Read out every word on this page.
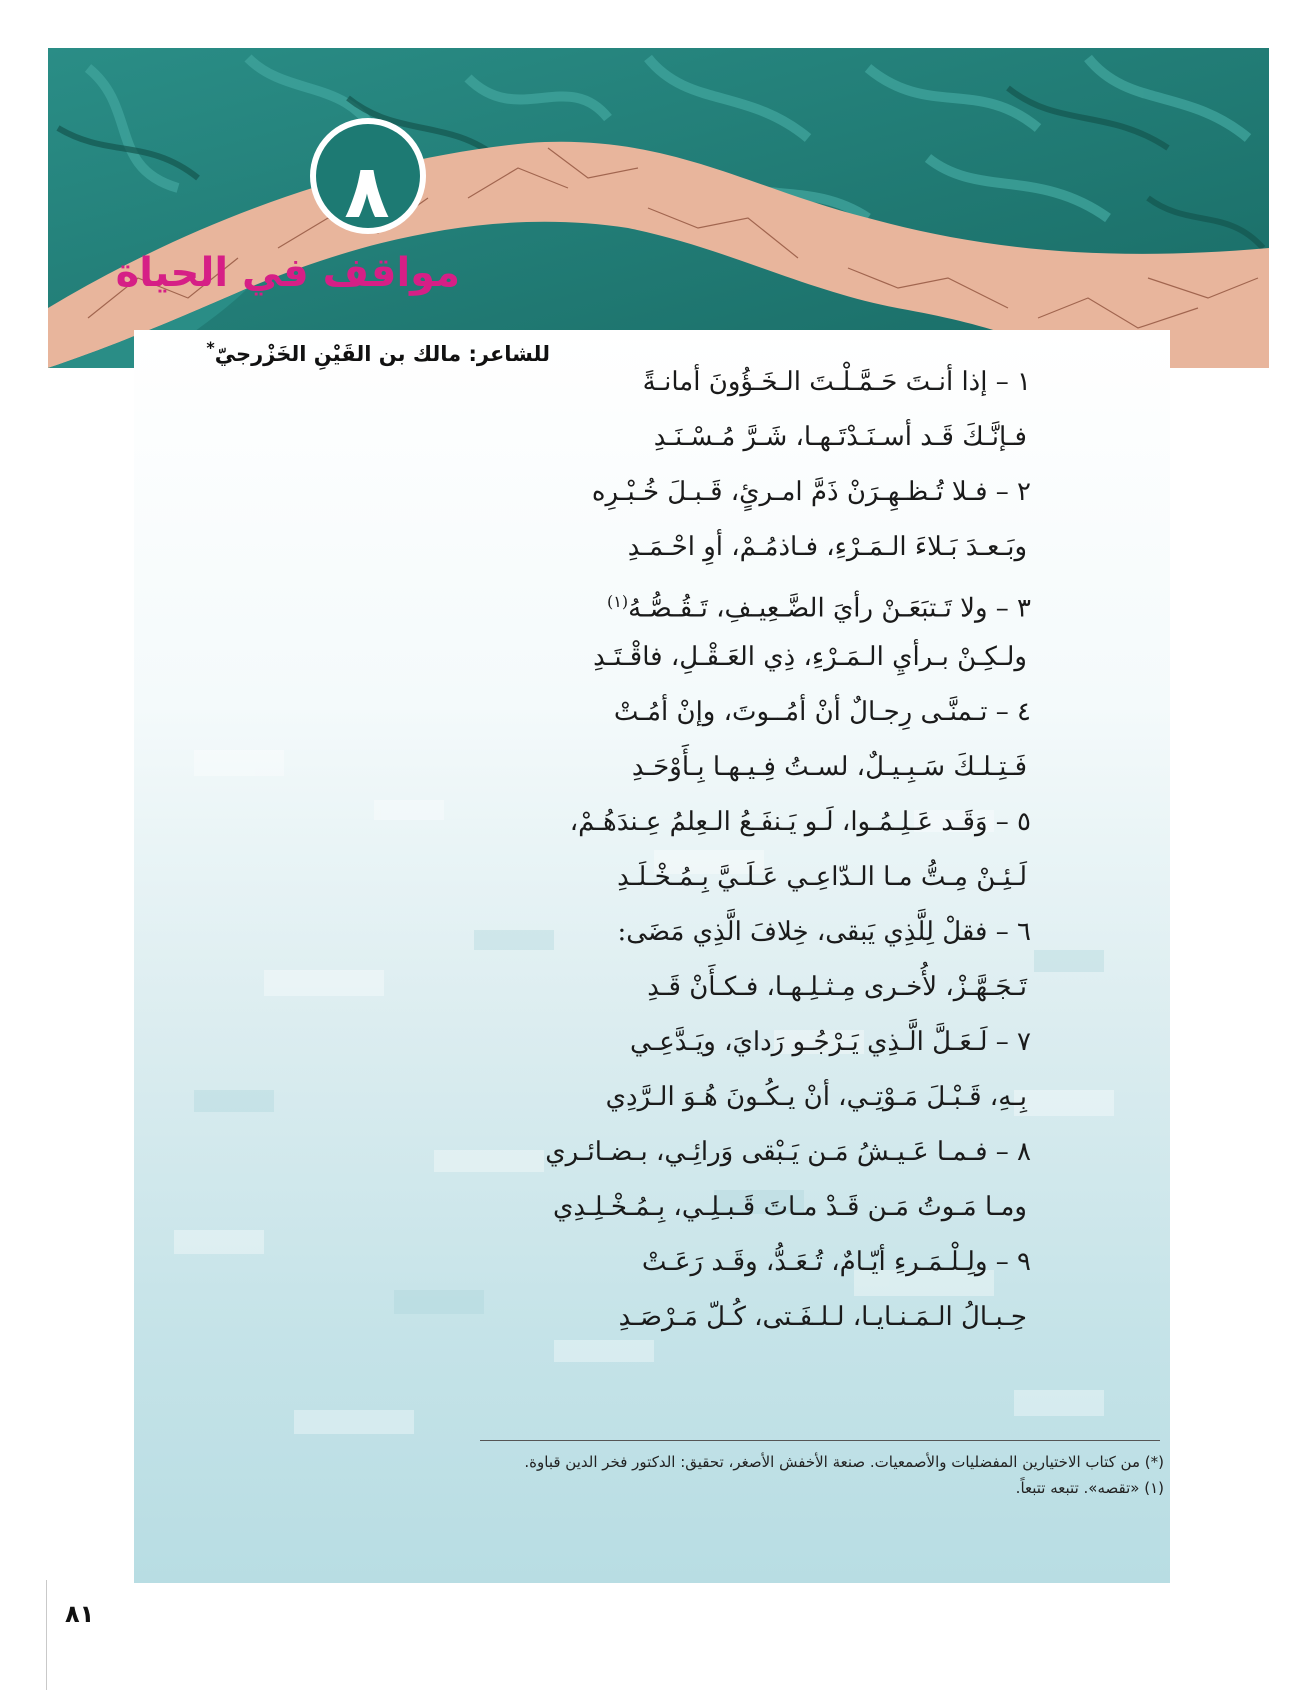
٨
مواقف في الحياة
للشاعر: مالك بن القَيْنِ الخَزْرجيّ*
١ – إذا أنـتَ حَـمَّـلْـتَ الـخَـؤُونَ أمانـةً
فـإنَّـكَ قَـد أسـنَـدْتَـهـا، شَـرَّ مُـسْـنَـدِ
٢ – فـلا تُـظـهِـرَنْ ذَمَّ امـرئٍ، قَـبـلَ خُـبْـرِه
وبَـعـدَ بَـلاءَ الـمَـرْءِ، فـاذمُـمْ، أوِ احْـمَـدِ
٣ – ولا تَـتبَعَـنْ رأيَ الضَّـعِيـفِ، تَـقُـصُّـهُ$^{(١)}$
ولـكِـنْ بـرأيِ الـمَـرْءِ، ذِي العَـقْـلِ، فاقْـتَـدِ
٤ – تـمنَّـى رِجـالٌ أنْ أمُــوتَ، وإنْ أمُـتْ
فَـتِـلـكَ سَـبِـيـلٌ، لسـتُ فِـيـهـا بِـأَوْحَـدِ
٥ – وَقَـد عَـلِـمُـوا، لَـو يَـنفَـعُ الـعِلمُ عِـندَهُـمْ،
لَـئِـنْ مِـتُّ مـا الـدّاعِـي عَـلَـيَّ بِـمُـخْـلَـدِ
٦ – فقلْ لِلَّذِي يَبقى، خِلافَ الَّذِي مَضَى:
تَـجَـهَّـزْ، لأُخـرى مِـثـلِـهـا، فـكـأَنْ قَـدِ
٧ – لَـعَـلَّ الَّـذِي يَـرْجُـو رَدايَ، ويَـدَّعِـي
بِـهِ، قَـبْـلَ مَـوْتِـي، أنْ يـكُـونَ هُـوَ الـرَّدِي
٨ – فـمـا عَـيـشُ مَـن يَـبْقى وَرائِـي، بـضـائـري
ومـا مَـوتُ مَـن قَـدْ مـاتَ قَـبـلِـي، بِـمُـخْـلِـدِي
٩ – ولِـلْـمَـرءِ أيّـامٌ، تُـعَـدُّ، وقَـد رَعَـتْ
حِـبـالُ الـمَـنـايـا، لـلـفَـتى، كُـلّ مَـرْصَـدِ
(*) من كتاب الاختيارين المفضليات والأصمعيات. صنعة الأخفش الأصغر، تحقيق: الدكتور فخر الدين قباوة.
(١) «تقصه». تتبعه تتبعاً.
٨١
